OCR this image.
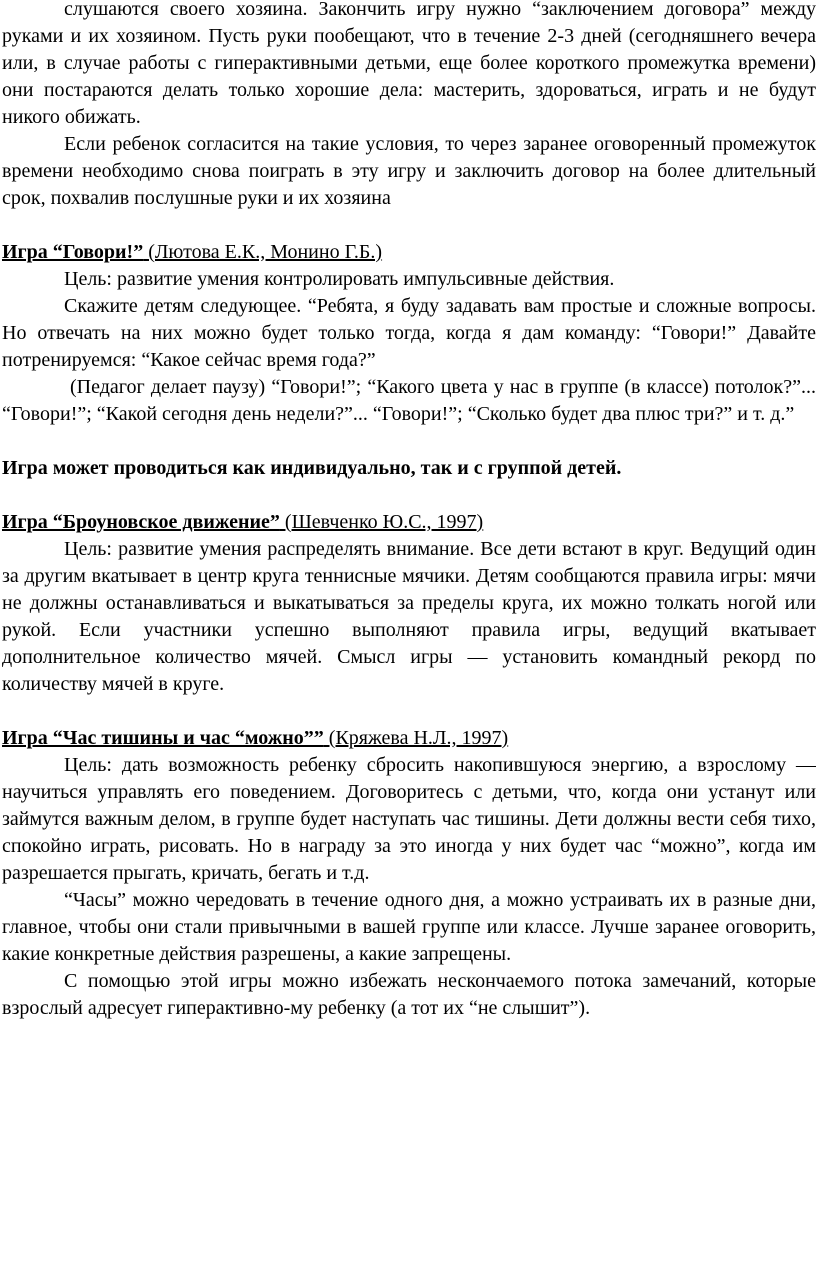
слушаются своего хозяина. Закончить игру нужно “заключением договора” между руками и их хозяином. Пусть руки пообещают, что в течение 2-3 дней (сегодняшнего вечера или, в случае работы с гиперактивными детьми, еще более короткого промежутка времени) они постараются делать только хорошие дела: мастерить, здороваться, играть и не будут никого обижать.

Если ребенок согласится на такие условия, то через заранее оговоренный промежуток времени необходимо снова поиграть в эту игру и заключить договор на более длительный срок, похвалив послушные руки и их хозяина

Игра “Говори!” (Лютова Е.К., Монино Г.Б.)

Цель: развитие умения контролировать импульсивные действия.

Скажите детям следующее. “Ребята, я буду задавать вам простые и сложные вопросы. Но отвечать на них можно будет только тогда, когда я дам команду: “Говори!” Давайте потренируемся: “Какое сейчас время года?”

(Педагог делает паузу) “Говори!”; “Какого цвета у нас в группе (в классе) потолок?”... “Говори!”; “Какой сегодня день недели?”... “Говори!”; “Сколько будет два плюс три?” и т. д.”

Игра может проводиться как индивидуально, так и с группой детей.

Игра “Броуновское движение” (Шевченко Ю.С., 1997)

Цель: развитие умения распределять внимание. Все дети встают в круг. Ведущий один за другим вкатывает в центр круга теннисные мячики. Детям сообщаются правила игры: мячи не должны останавливаться и выкатываться за пределы круга, их можно толкать ногой или рукой. Если участники успешно выполняют правила игры, ведущий вкатывает дополнительное количество мячей. Смысл игры — установить командный рекорд по количеству мячей в круге.

Игра “Час тишины и час “можно”” (Кряжева Н.Л., 1997)

Цель: дать возможность ребенку сбросить накопившуюся энергию, а взрослому — научиться управлять его поведением. Договоритесь с детьми, что, когда они устанут или займутся важным делом, в группе будет наступать час тишины. Дети должны вести себя тихо, спокойно играть, рисовать. Но в награду за это иногда у них будет час “можно”, когда им разрешается прыгать, кричать, бегать и т.д.

“Часы” можно чередовать в течение одного дня, а можно устраивать их в разные дни, главное, чтобы они стали привычными в вашей группе или классе. Лучше заранее оговорить, какие конкретные действия разрешены, а какие запрещены.

С помощью этой игры можно избежать нескончаемого потока замечаний, которые взрослый адресует гиперактивно-му ребенку (а тот их “не слышит”).
